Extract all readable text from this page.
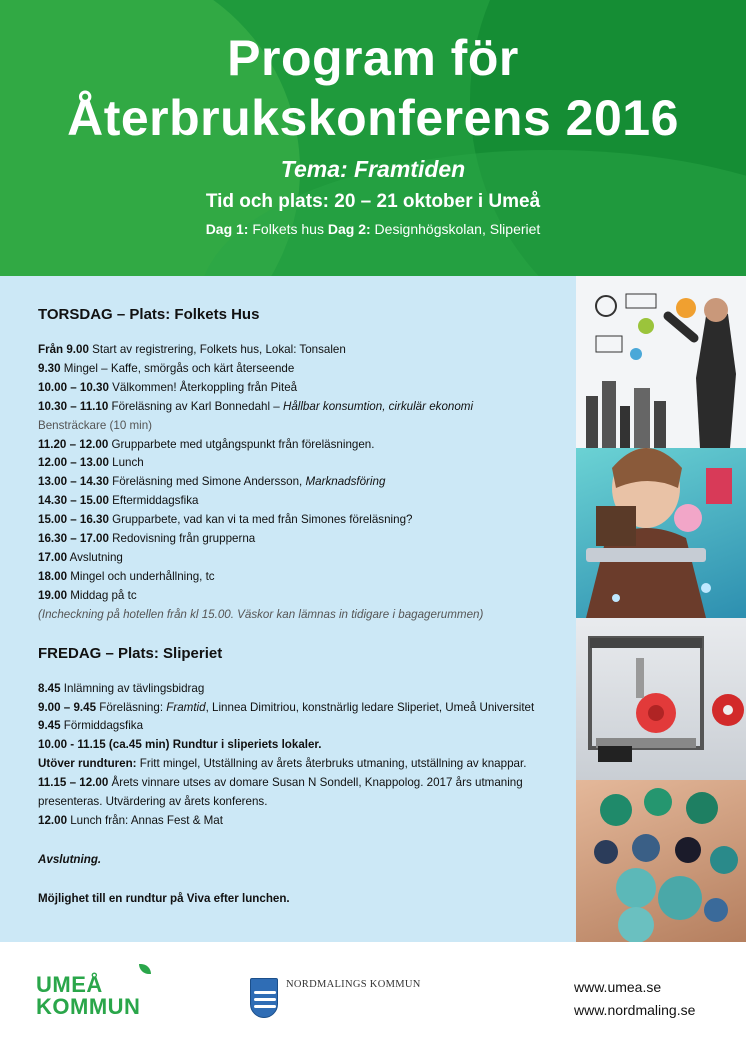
Program för
Återbrukskonferens 2016
Tema: Framtiden
Tid och plats: 20 – 21 oktober i Umeå
Dag 1: Folkets hus Dag 2: Designhögskolan, Sliperiet
TORSDAG – Plats: Folkets Hus
Från 9.00 Start av registrering, Folkets hus, Lokal: Tonsalen
9.30 Mingel – Kaffe, smörgås och kärt återseende
10.00 – 10.30 Välkommen! Återkoppling från Piteå
10.30 – 11.10 Föreläsning av Karl Bonnedahl – Hållbar konsumtion, cirkulär ekonomi
Bensträckare (10 min)
11.20 – 12.00 Grupparbete med utgångspunkt från föreläsningen.
12.00 – 13.00 Lunch
13.00 – 14.30 Föreläsning med Simone Andersson, Marknadsföring
14.30 – 15.00 Eftermiddagsfika
15.00 – 16.30 Grupparbete, vad kan vi ta med från Simones föreläsning?
16.30 – 17.00 Redovisning från grupperna
17.00 Avslutning
18.00 Mingel och underhållning, tc
19.00 Middag på tc
(Incheckning på hotellen från kl 15.00. Väskor kan lämnas in tidigare i bagagerummen)
FREDAG – Plats: Sliperiet
8.45 Inlämning av tävlingsbidrag
9.00 – 9.45 Föreläsning: Framtid, Linnea Dimitriou, konstnärlig ledare Sliperiet, Umeå Universitet
9.45 Förmiddagsfika
10.00 - 11.15 (ca.45 min) Rundtur i sliperiets lokaler.
Utöver rundturen: Fritt mingel, Utställning av årets återbruks utmaning, utställning av knappar.
11.15 – 12.00 Årets vinnare utses av domare Susan N Sondell, Knappolog. 2017 års utmaning
presenteras. Utvärdering av årets konferens.
12.00 Lunch från: Annas Fest & Mat
Avslutning.
Möjlighet till en rundtur på Viva efter lunchen.
UMEÅ
KOMMUN
NORDMALINGS KOMMUN	www.umea.se
www.nordmaling.se
